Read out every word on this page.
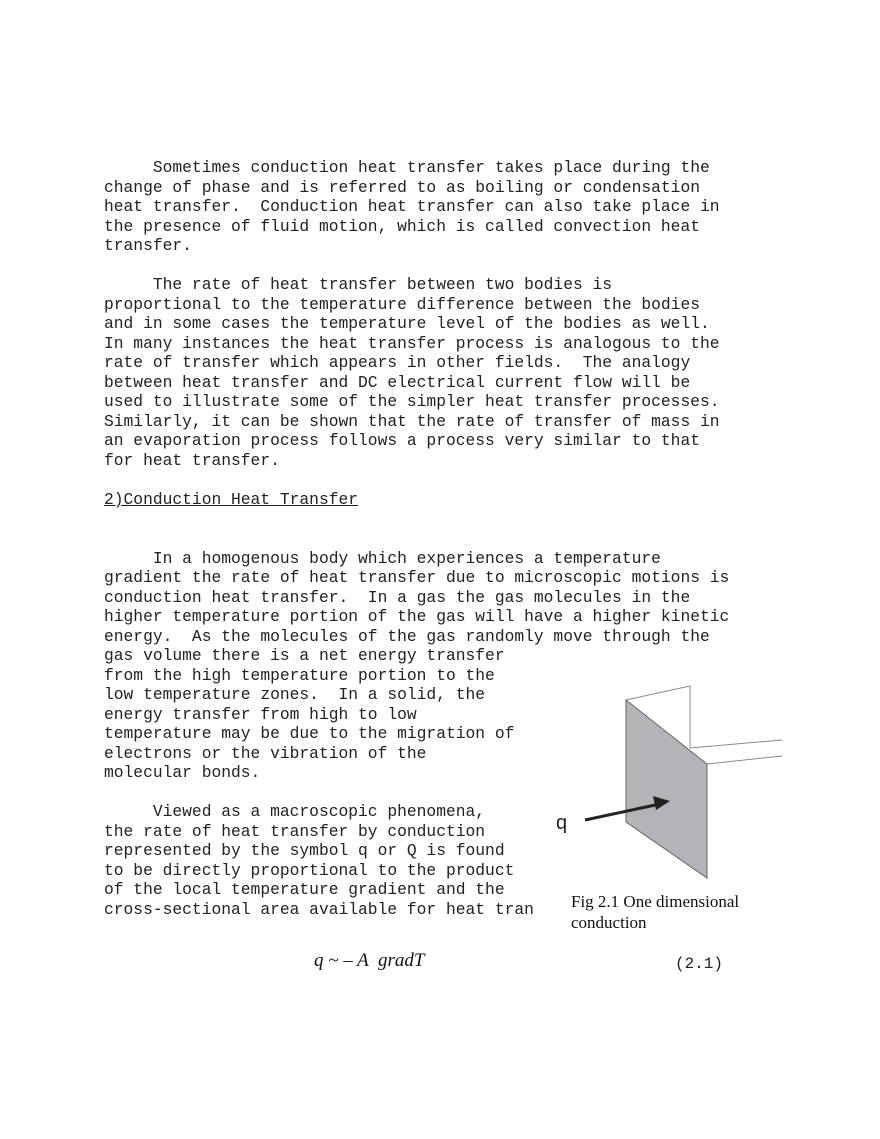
Sometimes conduction heat transfer takes place during the
change of phase and is referred to as boiling or condensation
heat transfer.  Conduction heat transfer can also take place in
the presence of fluid motion, which is called convection heat
transfer.
The rate of heat transfer between two bodies is
proportional to the temperature difference between the bodies
and in some cases the temperature level of the bodies as well.
In many instances the heat transfer process is analogous to the
rate of transfer which appears in other fields.  The analogy
between heat transfer and DC electrical current flow will be
used to illustrate some of the simpler heat transfer processes.
Similarly, it can be shown that the rate of transfer of mass in
an evaporation process follows a process very similar to that
for heat transfer.
2)Conduction Heat Transfer
In a homogenous body which experiences a temperature
gradient the rate of heat transfer due to microscopic motions is
conduction heat transfer.  In a gas the gas molecules in the
higher temperature portion of the gas will have a higher kinetic
energy.  As the molecules of the gas randomly move through the
gas volume there is a net energy transfer
from the high temperature portion to the
low temperature zones.  In a solid, the
energy transfer from high to low
temperature may be due to the migration of
electrons or the vibration of the
molecular bonds.
Viewed as a macroscopic phenomena,
the rate of heat transfer by conduction
represented by the symbol q or Q is found
to be directly proportional to the product
of the local temperature gradient and the
cross-sectional area available for heat tran
q
Fig 2.1 One dimensional
conduction
q ~ – A  gradT	(2.1)
